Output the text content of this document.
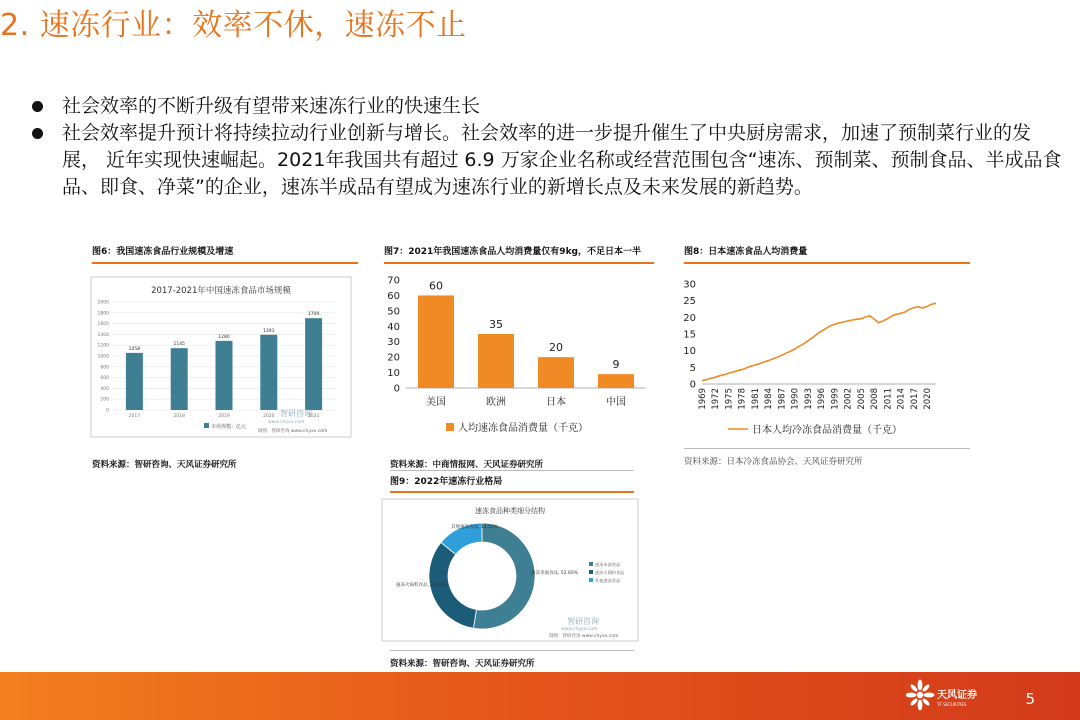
2. 速冻行业：效率不休，速冻不止
社会效率的不断升级有望带来速冻行业的快速生长
社会效率提升预计将持续拉动行业创新与增长。社会效率的进一步提升催生了中央厨房需求，加速了预制菜行业的发展， 近年实现快速崛起。2021年我国共有超过 6.9 万家企业名称或经营范围包含“速冻、预制菜、预制食品、半成品食品、即食、净菜”的企业，速冻半成品有望成为速冻行业的新增长点及未来发展的新趋势。
图6：我国速冻食品行业规模及增速
2017-2021年中国速冻食品市场规模
0
200
400
600
800
1000
1200
1400
1600
1800
2000
1058
2017
1145
2018
1280
2019
1393
2020
1700
2021
市场规模：亿元
智研咨询
www.chyxx.com
制图：智研咨询 www.chyxx.com
资料来源：智研咨询、天风证券研究所
图7：2021年我国速冻食品人均消费量仅有9kg，不足日本一半
0
10
20
30
40
50
60
70	60
美国
35
欧洲
20
日本
9
中国
人均速冻食品消费量（千克）
资料来源：中商情报网、天风证券研究所
图8：日本速冻食品人均消费量
0
5
10
15
20
25
30
1969 1972 1975 1978 1981 1984 1987 1990 1993 1996 1999 2002 2005 2008 2011 2014 2017 2020
日本人均冷冻食品消费量（千克）
资料来源：日本冷冻食品协会、天风证券研究所
图9：2022年速冻行业格局
速冻食品种类细分结构
其他速冻食品, 14.10%
速冻火锅料食品, 33.30%
速冻米面食品, 52.60%
速冻米面食品
速冻火锅料食品
其他速冻食品
智研咨询
www.chyxx.com
制图：智研咨询 www.chyxx.com
资料来源：智研咨询、天风证券研究所
天风证券
TF SECURITIES	5
